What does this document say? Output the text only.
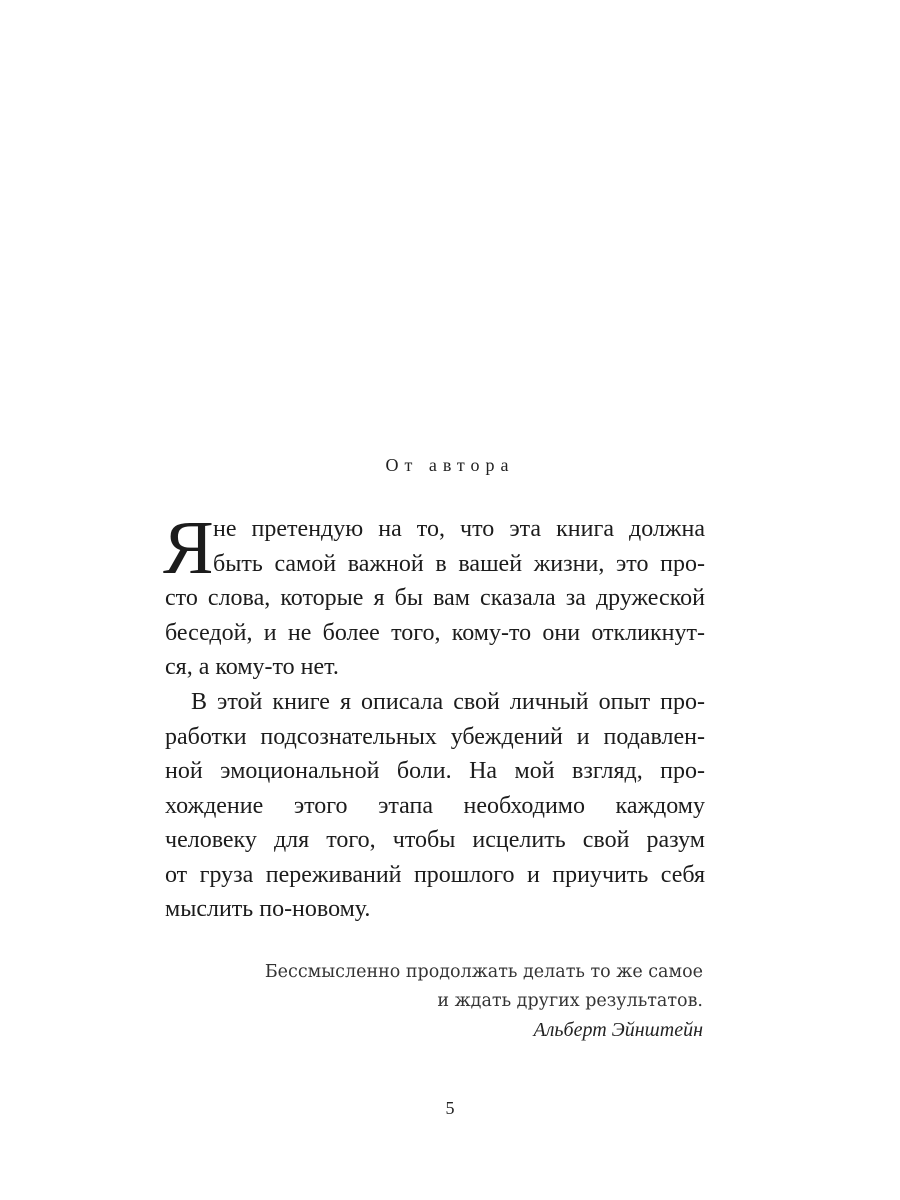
От автора
Я не претендую на то, что эта книга должна
быть самой важной в вашей жизни, это про-
сто слова, которые я бы вам сказала за дружеской
беседой, и не более того, кому-то они откликнут-
ся, а кому-то нет.
В этой книге я описала свой личный опыт про-
работки подсознательных убеждений и подавлен-
ной эмоциональной боли. На мой взгляд, про-
хождение этого этапа необходимо каждому
человеку для того, чтобы исцелить свой разум
от груза переживаний прошлого и приучить себя
мыслить по-новому.
Бессмысленно продолжать делать то же самое
и ждать других результатов.
Альберт Эйнштейн
5
